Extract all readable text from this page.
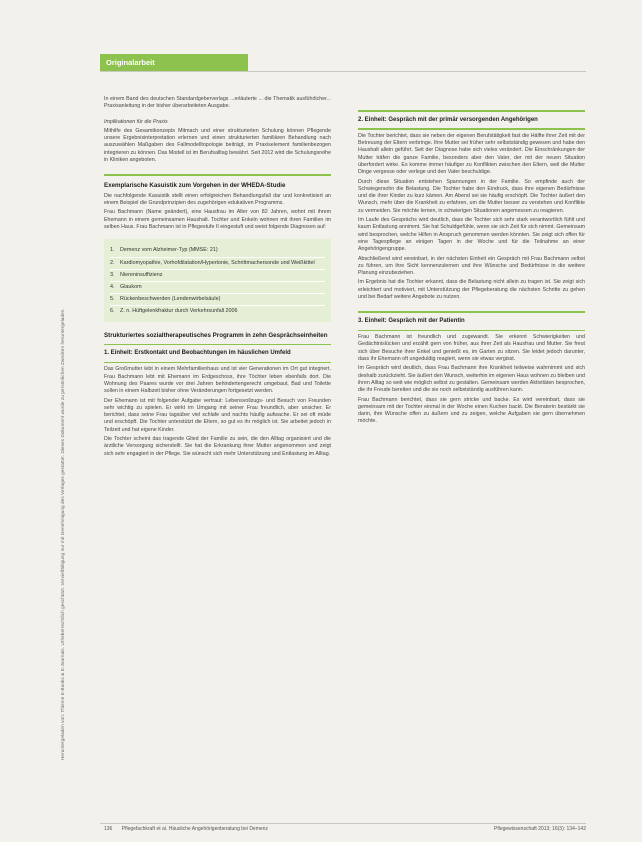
Originalarbeit
Heruntergeladen von: Thieme E-Books & E-Journals. Urheberrechtlich geschützt. Vervielfältigung nur mit Genehmigung des Verlages gestattet. Dieses Dokument wurde zu persönlichen Zwecken heruntergeladen.

In einem Band des deutschen Standardgeberverlags ...erläuterte ... die Thematik ausführlicher... Praxisanleitung in der bisher überarbeiteten Ausgabe.

Implikationen für die Praxis

Mithilfe des Gesamtkonzepts Mitmach und einer strukturierten Schulung können Pflegende unsere Ergebnisinterpretation erlernen und einen strukturierten familiären Behandlung nach auszuwählen Maßgaben des Fallmodelltopologie beiträgt, im Praxiselement familienbezogen integrieren zu können. Das Modell ist im Berufsalltag bewährt. Seit 2012 wird die Schulungsreihe in Kliniken angeboten.

Exemplarische Kasuistik zum Vorgehen in der WHEDA-Studie

Die nachfolgende Kasuistik stellt einen erfolgreichen Behandlungsfall dar und konkretisiert an einem Beispiel die Grundprinzipien des zugehörigen edukativen Programms.

Frau Bachmann (Name geändert), eine Hausfrau im Alter von 82 Jahren, wohnt mit ihrem Ehemann in einem gemeinsamen Haushalt. Tochter und Enkeln wohnen mit ihren Familien im selben Haus. Frau Bachmann ist in Pflegestufe II eingestuft und weist folgende Diagnosen auf:

1.	Demenz vom Alzheimer-Typ (MMSE: 21)
2.	Kardiomyopathie, Vorhofdilatation/Hypertonie, Schrittmachersonde und Weißkittel
3.	Niereninsuffizienz
4.	Glaukom
5.	Rückenbeschwerden (Lendenwirbelsäule)
6.	Z. n. Hüftgelenkfraktur durch Verkehrsunfall 2006
Strukturiertes sozialtherapeutisches Programm in zehn Gesprächseinheiten
1. Einheit: Erstkontakt und Beobachtungen im häuslichen Umfeld

Das Großmutter lebt in einem Mehrfamilienhaus und ist vier Generationen im Ort gut integriert. Frau Bachmann lebt mit Ehemann im Erdgeschoss, ihre Töchter leben ebenfalls dort. Die Wohnung des Paares wurde vor drei Jahren behindertengerecht umgebaut, Bad und Toilette sollen in einem Halbzeit bisher ohne Veränderungen fortgesetzt werden.

Der Ehemann ist mit folgender Aufgabe vertraut: Lebensvollzugs- und Besuch von Freunden sehr wichtig zu spielen. Er wirkt im Umgang mit seiner Frau freundlich, aber unsicher. Er berichtet, dass seine Frau tagsüber viel schlafe und nachts häufig aufwache. Er sei oft müde und erschöpft. Die Tochter unterstützt die Eltern, so gut es ihr möglich ist. Sie arbeitet jedoch in Teilzeit und hat eigene Kinder.

Die Tochter scheint das tragende Glied der Familie zu sein, die den Alltag organisiert und die ärztliche Versorgung sicherstellt. Sie hat die Erkrankung ihrer Mutter angenommen und zeigt sich sehr engagiert in der Pflege. Sie wünscht sich mehr Unterstützung und Entlastung im Alltag.

2. Einheit: Gespräch mit der primär versorgenden Angehörigen

Die Tochter berichtet, dass sie neben der eigenen Berufstätigkeit fast die Hälfte ihrer Zeit mit der Betreuung der Eltern verbringe. Ihre Mutter sei früher sehr selbstständig gewesen und habe den Haushalt allein geführt. Seit der Diagnose habe sich vieles verändert. Die Einschränkungen der Mutter träfen die ganze Familie, besonders aber den Vater, der mit der neuen Situation überfordert wirke. Es komme immer häufiger zu Konflikten zwischen den Eltern, weil die Mutter Dinge vergesse oder verlege und den Vater beschuldige.

Durch diese Situation entstehen Spannungen in der Familie. So empfinde auch der Schwiegersohn die Belastung. Die Tochter habe den Eindruck, dass ihre eigenen Bedürfnisse und die ihrer Kinder zu kurz kämen. Am Abend sei sie häufig erschöpft. Die Tochter äußert den Wunsch, mehr über die Krankheit zu erfahren, um die Mutter besser zu verstehen und Konflikte zu vermeiden. Sie möchte lernen, in schwierigen Situationen angemessen zu reagieren.

Im Laufe des Gesprächs wird deutlich, dass die Tochter sich sehr stark verantwortlich fühlt und kaum Entlastung annimmt. Sie hat Schuldgefühle, wenn sie sich Zeit für sich nimmt. Gemeinsam wird besprochen, welche Hilfen in Anspruch genommen werden könnten. Sie zeigt sich offen für eine Tagespflege an einigen Tagen in der Woche und für die Teilnahme an einer Angehörigengruppe.

Abschließend wird vereinbart, in der nächsten Einheit ein Gespräch mit Frau Bachmann selbst zu führen, um ihre Sicht kennenzulernen und ihre Wünsche und Bedürfnisse in die weitere Planung einzubeziehen.

Im Ergebnis hat die Tochter erkannt, dass die Belastung nicht allein zu tragen ist. Sie zeigt sich erleichtert und motiviert, mit Unterstützung der Pflegeberatung die nächsten Schritte zu gehen und bei Bedarf weitere Angebote zu nutzen.

3. Einheit: Gespräch mit der Patientin

Frau Bachmann ist freundlich und zugewandt. Sie erkennt Schwierigkeiten und Gedächtnislücken und erzählt gern von früher, aus ihrer Zeit als Hausfrau und Mutter. Sie freut sich über Besuche ihrer Enkel und genießt es, im Garten zu sitzen. Sie leidet jedoch darunter, dass ihr Ehemann oft ungeduldig reagiert, wenn sie etwas vergisst.

Im Gespräch wird deutlich, dass Frau Bachmann ihre Krankheit teilweise wahrnimmt und sich deshalb zurückzieht. Sie äußert den Wunsch, weiterhin im eigenen Haus wohnen zu bleiben und ihren Alltag so weit wie möglich selbst zu gestalten. Gemeinsam werden Aktivitäten besprochen, die ihr Freude bereiten und die sie noch selbstständig ausführen kann.

Frau Bachmann berichtet, dass sie gern stricke und backe. Es wird vereinbart, dass sie gemeinsam mit der Tochter einmal in der Woche einen Kuchen backt. Die Beraterin bestärkt sie darin, ihre Wünsche offen zu äußern und zu zeigen, welche Aufgaben sie gern übernehmen möchte.

136 Pflegefachkraft et al. Häusliche Angehörigenberatung bei Demenz	Pflegewissenschaft 2013; 16(3): 134–142
